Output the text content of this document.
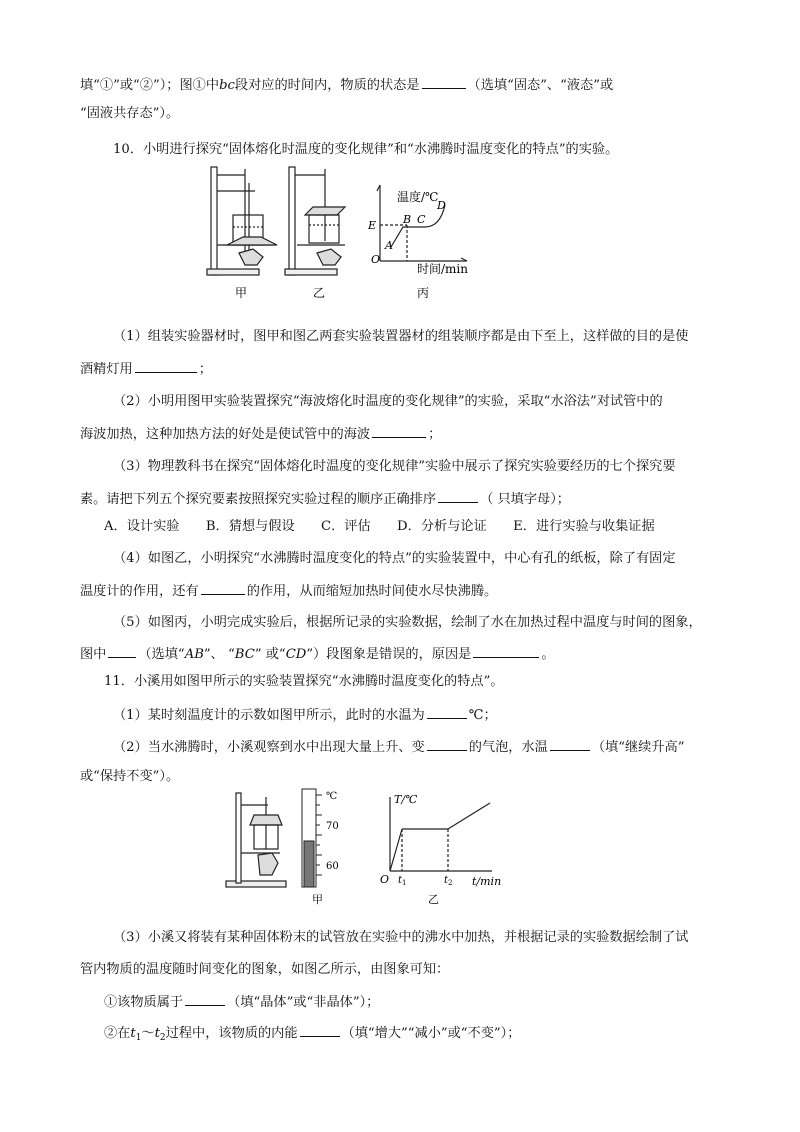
填“①”或“②”）；图①中bc段对应的时间内，物质的状态是	（选填“固态”、“液态”或
“固液共存态”）。
10．小明进行探究“固体熔化时温度的变化规律”和“水沸腾时温度变化的特点”的实验。
温度/℃
时间/min
O
E
A
B C
D
甲	乙	丙
（1）组装实验器材时，图甲和图乙两套实验装置器材的组装顺序都是由下至上，这样做的目的是使
酒精灯用	；
（2）小明用图甲实验装置探究“海波熔化时温度的变化规律”的实验，采取“水浴法”对试管中的
海波加热，这种加热方法的好处是使试管中的海波	；
（3）物理教科书在探究“固体熔化时温度的变化规律”实验中展示了探究实验要经历的七个探究要
素。请把下列五个探究要素按照探究实验过程的顺序正确排序	（ 只填字母）；
A．设计实验　　B．猜想与假设　　C．评估　　D．分析与论证　　E．进行实验与收集证据
（4）如图乙，小明探究“水沸腾时温度变化的特点”的实验装置中，中心有孔的纸板，除了有固定
温度计的作用，还有	的作用，从而缩短加热时间使水尽快沸腾。
（5）如图丙，小明完成实验后，根据所记录的实验数据，绘制了水在加热过程中温度与时间的图象，
图中 （选填“AB”、 “BC” 或“CD”）段图象是错误的，原因是	。
11．小溪用如图甲所示的实验装置探究“水沸腾时温度变化的特点”。
（1）某时刻温度计的示数如图甲所示，此时的水温为	℃；
（2）当水沸腾时，小溪观察到水中出现大量上升、变	的气泡，水温	（填“继续升高”
或“保持不变”）。
℃
70
60
T/℃
t/min
O t 1	t 2
甲	乙
（3）小溪又将装有某种固体粉末的试管放在实验中的沸水中加热，并根据记录的实验数据绘制了试
管内物质的温度随时间变化的图象，如图乙所示，由图象可知：
①该物质属于	（填“晶体”或“非晶体”）；
②在$t_1\sim t_2$过程中，该物质的内能	（填“增大”“减小”或“不变”）；
